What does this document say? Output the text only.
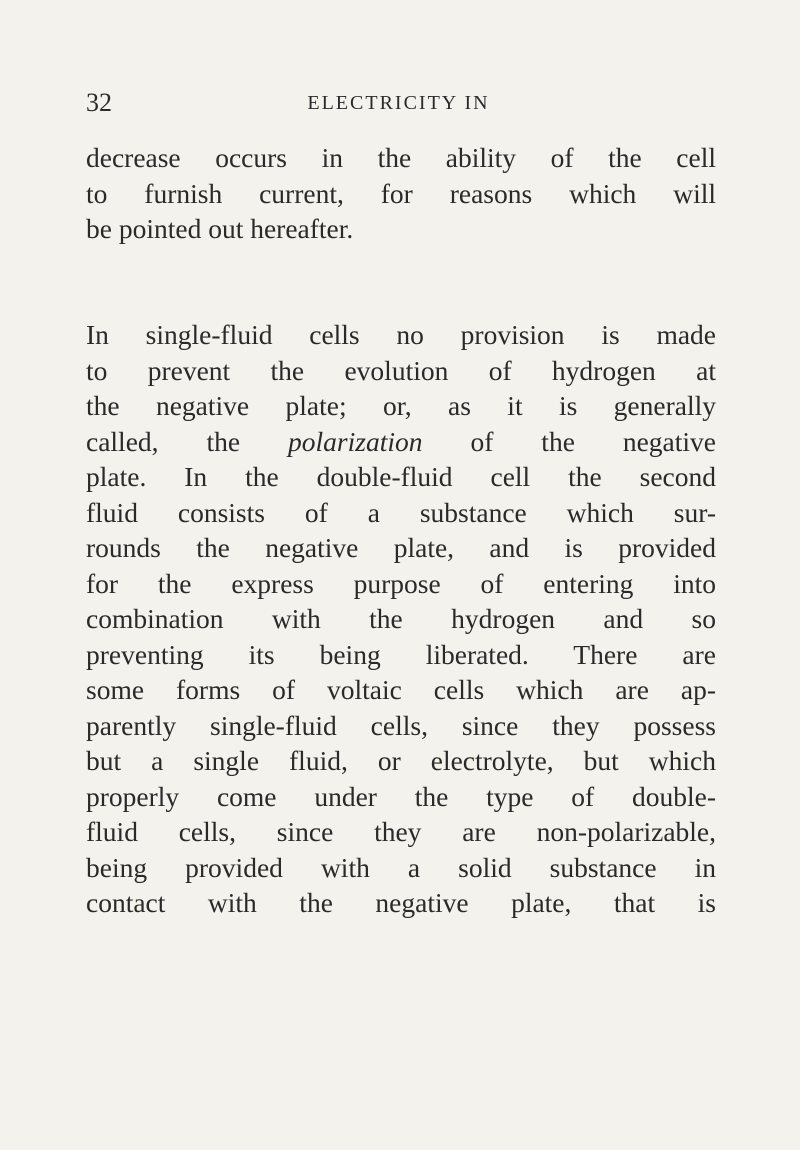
32	ELECTRICITY IN
decrease occurs in the ability of the cell
to furnish current, for reasons which will
be pointed out hereafter.
In single-fluid cells no provision is made
to prevent the evolution of hydrogen at
the negative plate; or, as it is generally
called, the polarization of the negative
plate. In the double-fluid cell the second
fluid consists of a substance which sur-
rounds the negative plate, and is provided
for the express purpose of entering into
combination with the hydrogen and so
preventing its being liberated. There are
some forms of voltaic cells which are ap-
parently single-fluid cells, since they possess
but a single fluid, or electrolyte, but which
properly come under the type of double-
fluid cells, since they are non-polarizable,
being provided with a solid substance in
contact with the negative plate, that is
